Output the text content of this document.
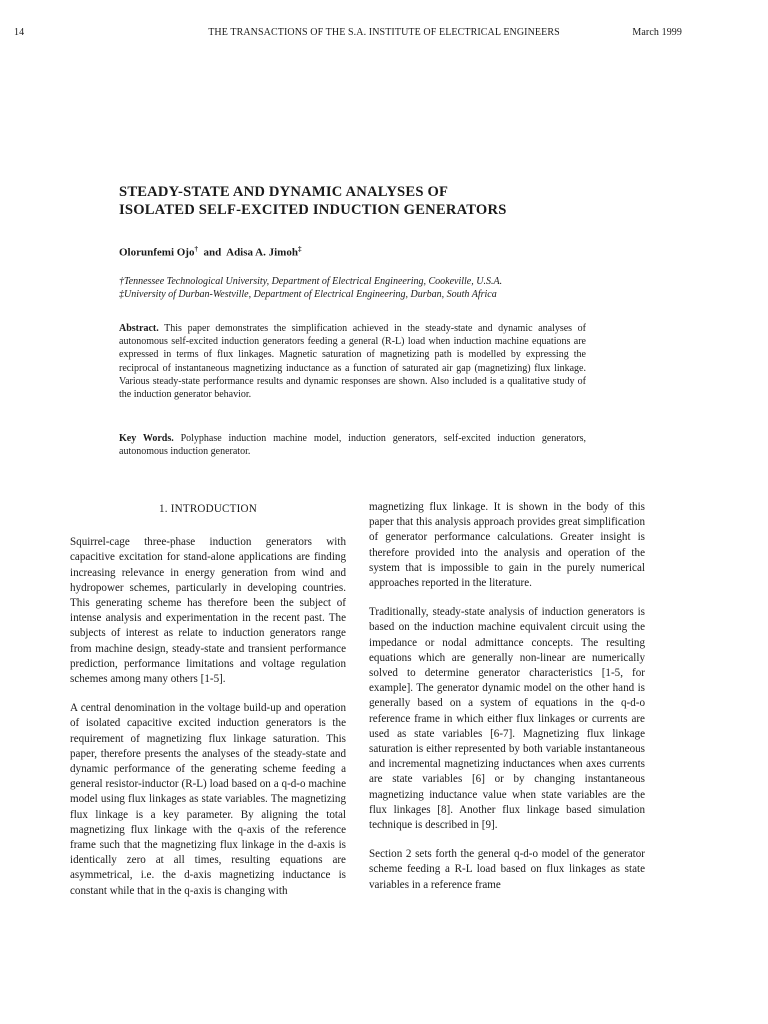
14	THE TRANSACTIONS OF THE S.A. INSTITUTE OF ELECTRICAL ENGINEERS	March 1999
STEADY-STATE AND DYNAMIC ANALYSES OF
ISOLATED SELF-EXCITED INDUCTION GENERATORS
Olorunfemi Ojo† and Adisa A. Jimoh‡
†Tennessee Technological University, Department of Electrical Engineering, Cookeville, U.S.A.
‡University of Durban-Westville, Department of Electrical Engineering, Durban, South Africa
Abstract. This paper demonstrates the simplification achieved in the steady-state and dynamic analyses of autonomous self-excited induction generators feeding a general (R-L) load when induction machine equations are expressed in terms of flux linkages. Magnetic saturation of magnetizing path is modelled by expressing the reciprocal of instantaneous magnetizing inductance as a function of saturated air gap (magnetizing) flux linkage. Various steady-state performance results and dynamic responses are shown. Also included is a qualitative study of the induction generator behavior.
Key Words. Polyphase induction machine model, induction generators, self-excited induction generators, autonomous induction generator.
1. INTRODUCTION

Squirrel-cage three-phase induction generators with capacitive excitation for stand-alone applications are finding increasing relevance in energy generation from wind and hydropower schemes, particularly in developing countries. This generating scheme has therefore been the subject of intense analysis and experimentation in the recent past. The subjects of interest as relate to induction generators range from machine design, steady-state and transient performance prediction, performance limitations and voltage regulation schemes among many others [1-5].

A central denomination in the voltage build-up and operation of isolated capacitive excited induction generators is the requirement of magnetizing flux linkage saturation. This paper, therefore presents the analyses of the steady-state and dynamic performance of the generating scheme feeding a general resistor-inductor (R-L) load based on a q-d-o machine model using flux linkages as state variables. The magnetizing flux linkage is a key parameter. By aligning the total magnetizing flux linkage with the q-axis of the reference frame such that the magnetizing flux linkage in the d-axis is identically zero at all times, resulting equations are asymmetrical, i.e. the d-axis magnetizing inductance is constant while that in the q-axis is changing with

magnetizing flux linkage. It is shown in the body of this paper that this analysis approach provides great simplification of generator performance calculations. Greater insight is therefore provided into the analysis and operation of the system that is impossible to gain in the purely numerical approaches reported in the literature.

Traditionally, steady-state analysis of induction generators is based on the induction machine equivalent circuit using the impedance or nodal admittance concepts. The resulting equations which are generally non-linear are numerically solved to determine generator characteristics [1-5, for example]. The generator dynamic model on the other hand is generally based on a system of equations in the q-d-o reference frame in which either flux linkages or currents are used as state variables [6-7]. Magnetizing flux linkage saturation is either represented by both variable instantaneous and incremental magnetizing inductances when axes currents are state variables [6] or by changing instantaneous magnetizing inductance value when state variables are the flux linkages [8]. Another flux linkage based simulation technique is described in [9].

Section 2 sets forth the general q-d-o model of the generator scheme feeding a R-L load based on flux linkages as state variables in a reference frame
